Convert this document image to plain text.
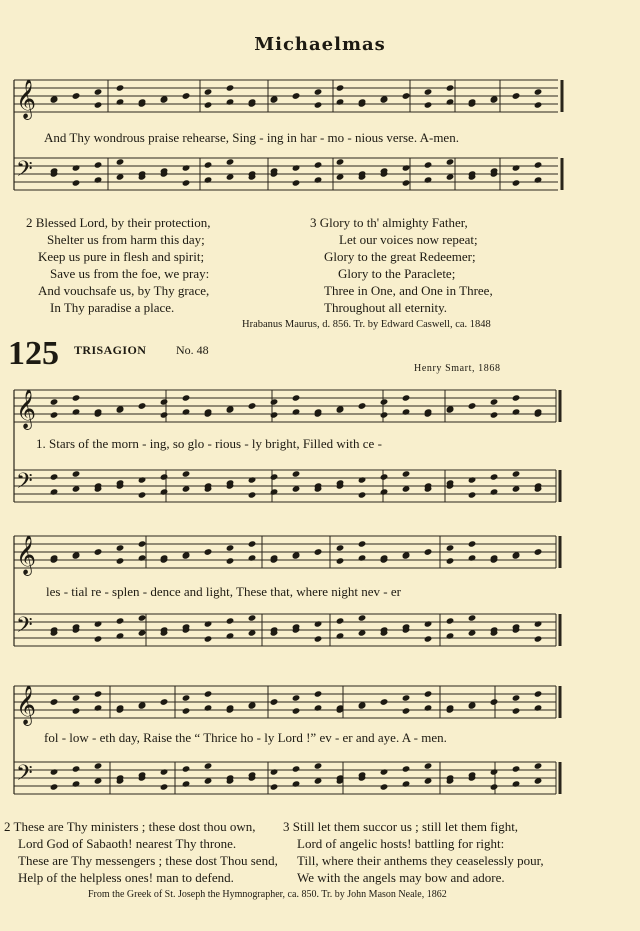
Michaelmas
𝄞
𝄢
𝄞
𝄢
𝄞
𝄢
𝄞
𝄢
And Thy wondrous praise rehearse, Sing - ing in har - mo - nious verse. A-men.
2 Blessed Lord, by their protection,
Shelter us from harm this day;
Keep us pure in flesh and spirit;
Save us from the foe, we pray:
And vouchsafe us, by Thy grace,
In Thy paradise a place.
3 Glory to th' almighty Father,
Let our voices now repeat;
Glory to the great Redeemer;
Glory to the Paraclete;
Three in One, and One in Three,
Throughout all eternity.
Hrabanus Maurus, d. 856. Tr. by Edward Caswell, ca. 1848
125 TRISAGION No. 48
Henry Smart, 1868
1. Stars of the morn - ing, so glo - rious - ly bright, Filled with ce -
les - tial re - splen - dence and light, These that, where night nev - er
fol - low - eth day, Raise the “ Thrice ho - ly Lord !” ev - er and aye. A - men.
2 These are Thy ministers ; these dost thou own,
Lord God of Sabaoth! nearest Thy throne.
These are Thy messengers ; these dost Thou send,
Help of the helpless ones! man to defend.
3 Still let them succor us ; still let them fight,
Lord of angelic hosts! battling for right:
Till, where their anthems they ceaselessly pour,
We with the angels may bow and adore.
From the Greek of St. Joseph the Hymnographer, ca. 850. Tr. by John Mason Neale, 1862
